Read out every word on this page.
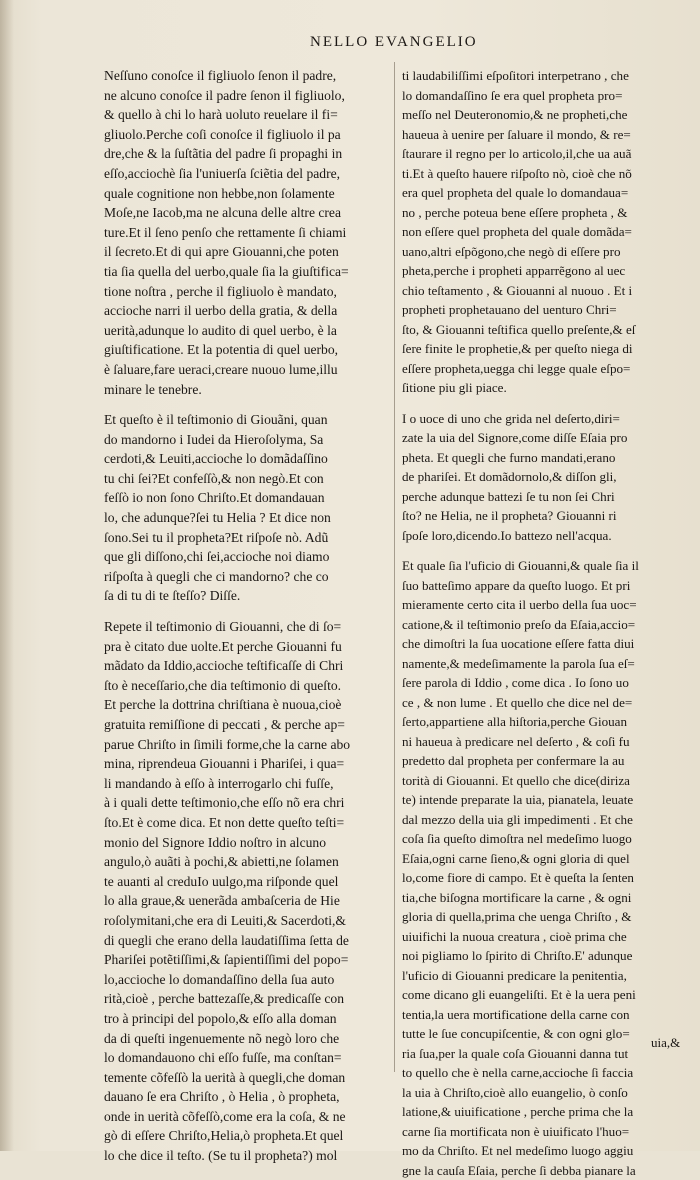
NELLO EVANGELIO
Neſſuno conoſce il figliuolo ſenon il padre,
ne alcuno conoſce il padre ſenon il figliuolo,
& quello à chi lo harà uoluto reuelare il fi=
gliuolo.Perche coſi conoſce il figliuolo il pa
dre,che & la ſuſtãtia del padre ſi propaghi in
eſſo,acciochè ſia l'uniuerſa ſciẽtia del padre,
quale cognitione non hebbe,non ſolamente
Moſe,ne Iacob,ma ne alcuna delle altre crea
ture.Et il ſeno penſo che rettamente ſi chiami
il ſecreto.Et di qui apre Giouanni,che poten
tia ſia quella del uerbo,quale ſia la giuſtifica=
tione noſtra , perche il figliuolo è mandato,
accioche narri il uerbo della gratia, & della
uerità,adunque lo audito di quel uerbo, è la
giuſtificatione. Et la potentia di quel uerbo,
è ſaluare,fare ueraci,creare nuouo lume,illu
minare le tenebre.
Et queſto è il teſtimonio di Giouãni, quan
do mandorno i Iudei da Hieroſolyma, Sa
cerdoti,& Leuiti,accioche lo domãdaſſino
tu chi ſei?Et confeſſò,& non negò.Et con
feſſò io non ſono Chriſto.Et domandauan
lo, che adunque?ſei tu Helia ? Et dice non
ſono.Sei tu il propheta?Et riſpoſe nò. Adũ
que gli diſſono,chi ſei,accioche noi diamo
riſpoſta à quegli che ci mandorno? che co
ſa di tu di te ſteſſo? Diſſe.
Repete il teſtimonio di Giouanni, che di ſo=
pra è citato due uolte.Et perche Giouanni fu
mãdato da Iddio,accioche teſtificaſſe di Chri
ſto è neceſſario,che dia teſtimonio di queſto.
Et perche la dottrina chriſtiana è nuoua,cioè
gratuita remiſſione di peccati , & perche ap=
parue Chriſto in ſimili forme,che la carne abo
mina, riprendeua Giouanni i Phariſei, i qua=
li mandando à eſſo à interrogarlo chi fuſſe,
à i quali dette teſtimonio,che eſſo nõ era chri
ſto.Et è come dica. Et non dette queſto teſti=
monio del Signore Iddio noſtro in alcuno
angulo,ò auãti à pochi,& abietti,ne ſolamen
te auanti al creduIo uulgo,ma riſponde quel
lo alla graue,& uenerãda ambaſceria de Hie
roſolymitani,che era di Leuiti,& Sacerdoti,&
di quegli che erano della laudatiſſima ſetta de
Phariſei potẽtiſſimi,& ſapientiſſimi del popo=
lo,accioche lo domandaſſino della ſua auto
rità,cioè , perche battezaſſe,& predicaſſe con
tro à principi del popolo,& eſſo alla doman
da di queſti ingenuemente nõ negò loro che
lo domandauono chi eſſo fuſſe, ma conſtan=
temente cõfeſſò la uerità à quegli,che doman
dauano ſe era Chriſto , ò Helia , ò propheta,
onde in uerità cõfeſſò,come era la coſa, & ne
gò di eſſere Chriſto,Helia,ò propheta.Et quel
lo che dice il teſto. (Se tu il propheta?) mol
ti laudabiliſſimi eſpoſitori interpetrano , che
lo domandaſſino ſe era quel propheta pro=
meſſo nel Deuteronomio,& ne propheti,che
haueua à uenire per ſaluare il mondo, & re=
ſtaurare il regno per lo articolo,il,che ua auã
ti.Et à queſto hauere riſpoſto nò, cioè che nõ
era quel propheta del quale lo domandaua=
no , perche poteua bene eſſere propheta , &
non eſſere quel propheta del quale domãda=
uano,altri eſpõgono,che negò di eſſere pro
pheta,perche i propheti apparrẽgono al uec
chio teſtamento , & Giouanni al nuouo . Et i
propheti prophetauano del uenturo Chri=
ſto, & Giouanni teſtifica quello preſente,& eſ
ſere finite le prophetie,& per queſto niega di
eſſere propheta,uegga chi legge quale eſpo=
ſitione piu gli piace.
I o uoce di uno che grida nel deſerto,diri=
zate la uia del Signore,come diſſe Eſaia pro
pheta. Et quegli che furno mandati,erano
de phariſei. Et domãdornolo,& diſſon gli,
perche adunque battezi ſe tu non ſei Chri
ſto? ne Helia, ne il propheta? Giouanni ri
ſpoſe loro,dicendo.Io battezo nell'acqua.
Et quale ſia l'uficio di Giouanni,& quale ſia il
ſuo batteſimo appare da queſto luogo. Et pri
mieramente certo cita il uerbo della ſua uoc=
catione,& il teſtimonio preſo da Eſaia,accio=
che dimoſtri la ſua uocatione eſſere fatta diui
namente,& medeſimamente la parola ſua eſ=
ſere parola di Iddio , come dica . Io ſono uo
ce , & non lume . Et quello che dice nel de=
ſerto,appartiene alla hiſtoria,perche Giouan
ni haueua à predicare nel deſerto , & coſi fu
predetto dal propheta per confermare la au
torità di Giouanni. Et quello che dice(diriza
te) intende preparate la uia, pianatela, leuate
dal mezzo della uia gli impedimenti . Et che
coſa ſia queſto dimoſtra nel medeſimo luogo
Eſaia,ogni carne ſieno,& ogni gloria di quel
lo,come fiore di campo. Et è queſta la ſenten
tia,che biſogna mortificare la carne , & ogni
gloria di quella,prima che uenga Chriſto , &
uiuifichi la nuoua creatura , cioè prima che
noi pigliamo lo ſpirito di Chriſto.E' adunque
l'uficio di Giouanni predicare la penitentia,
come dicano gli euangeliſti. Et è la uera peni
tentia,la uera mortificatione della carne con
tutte le ſue concupiſcentie, & con ogni glo=
ria ſua,per la quale coſa Giouanni danna tut
to quello che è nella carne,accioche ſi faccia
la uia à Chriſto,cioè allo euangelio, ò conſo
latione,& uiuificatione , perche prima che la
carne ſia mortificata non è uiuificato l'huo=
mo da Chriſto. Et nel medeſimo luogo aggiu
gne la cauſa Eſaia, perche ſi debba pianare la
uia,&
